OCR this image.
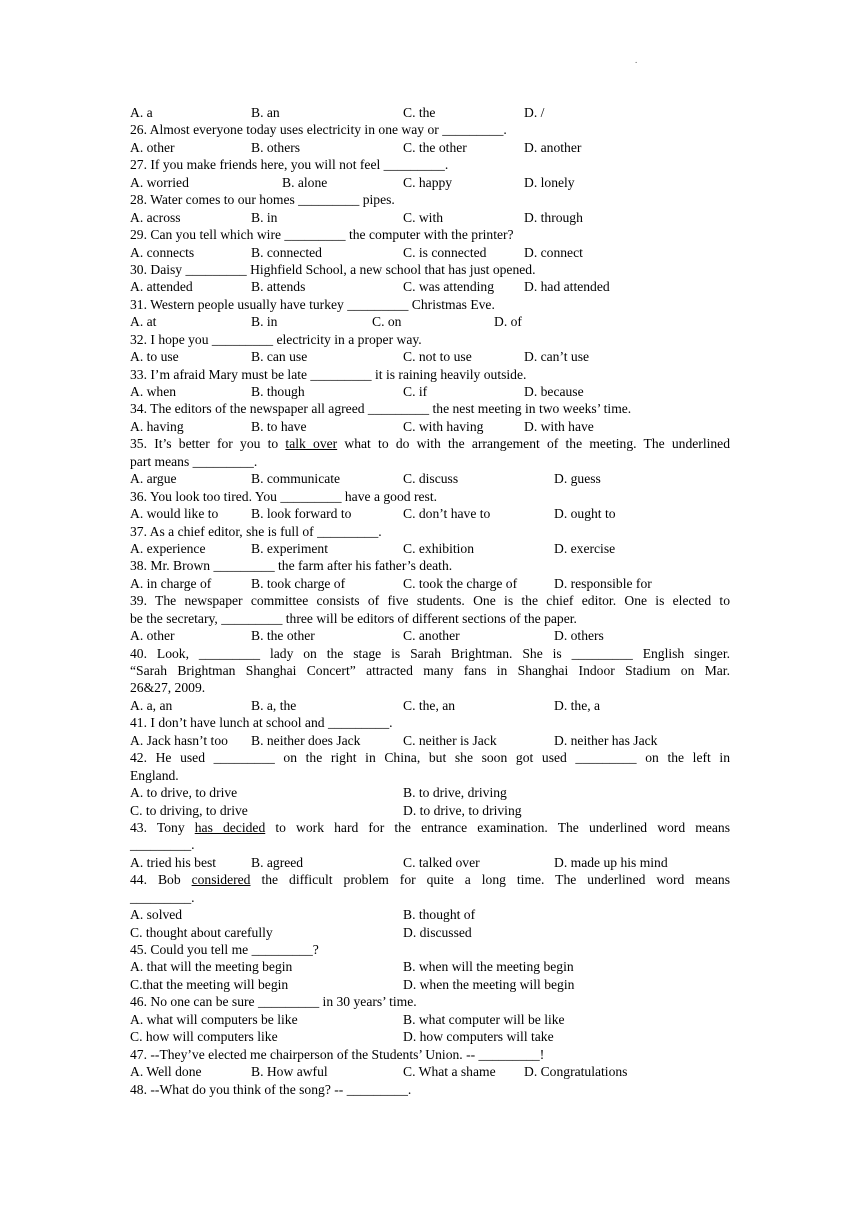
.
A. a	B. an	C. the	D. /
26. Almost everyone today uses electricity in one way or _________.
A. other	B. others	C. the other	D. another
27. If you make friends here, you will not feel _________.
A. worried	B. alone	C. happy	D. lonely
28. Water comes to our homes _________ pipes.
A. across	B. in	C. with	D. through
29. Can you tell which wire _________ the computer with the printer?
A. connects	B. connected	C. is connected	D. connect
30. Daisy _________ Highfield School, a new school that has just opened.
A. attended	B. attends	C. was attending D. had attended
31. Western people usually have turkey _________ Christmas Eve.
A. at	B. in	C. on	D. of
32. I hope you _________ electricity in a proper way.
A. to use	B. can use	C. not to use	D. can’t use
33. I’m afraid Mary must be late _________ it is raining heavily outside.
A. when	B. though	C. if	D. because
34. The editors of the newspaper all agreed _________ the nest meeting in two weeks’ time.
A. having	B. to have	C. with having	D. with have
35. It’s better for you to talk over what to do with the arrangement of the meeting. The underlined
part means _________.
A. argue	B. communicate	C. discuss	D. guess
36. You look too tired. You _________ have a good rest.
A. would like to B. look forward to	C. don’t have to	D. ought to
37. As a chief editor, she is full of _________.
A. experience	B. experiment	C. exhibition	D. exercise
38. Mr. Brown _________ the farm after his father’s death.
A. in charge of	B. took charge of	C. took the charge of	D. responsible for
39. The newspaper committee consists of five students. One is the chief editor. One is elected to
be the secretary, _________ three will be editors of different sections of the paper.
A. other	B. the other	C. another	D. others
40. Look, _________ lady on the stage is Sarah Brightman. She is _________ English singer.
“Sarah Brightman Shanghai Concert” attracted many fans in Shanghai Indoor Stadium on Mar.
26&27, 2009.
A. a, an	B. a, the	C. the, an	D. the, a
41. I don’t have lunch at school and _________.
A. Jack hasn’t too B. neither does Jack	C. neither is Jack	D. neither has Jack
42. He used _________ on the right in China, but she soon got used _________ on the left in
England.
A. to drive, to drive	B. to drive, driving
C. to driving, to drive	D. to drive, to driving
43. Tony has decided to work hard for the entrance examination. The underlined word means
_________.
A. tried his best	B. agreed	C. talked over	D. made up his mind
44. Bob considered the difficult problem for quite a long time. The underlined word means
_________.
A. solved	B. thought of
C. thought about carefully	D. discussed
45. Could you tell me _________?
A. that will the meeting begin	B. when will the meeting begin
C.that the meeting will begin	D. when the meeting will begin
46. No one can be sure _________ in 30 years’ time.
A. what will computers be like	B. what computer will be like
C. how will computers like	D. how computers will take
47. --They’ve elected me chairperson of the Students’ Union. -- _________!
A. Well done	B. How awful	C. What a shame D. Congratulations
48. --What do you think of the song? -- _________.
